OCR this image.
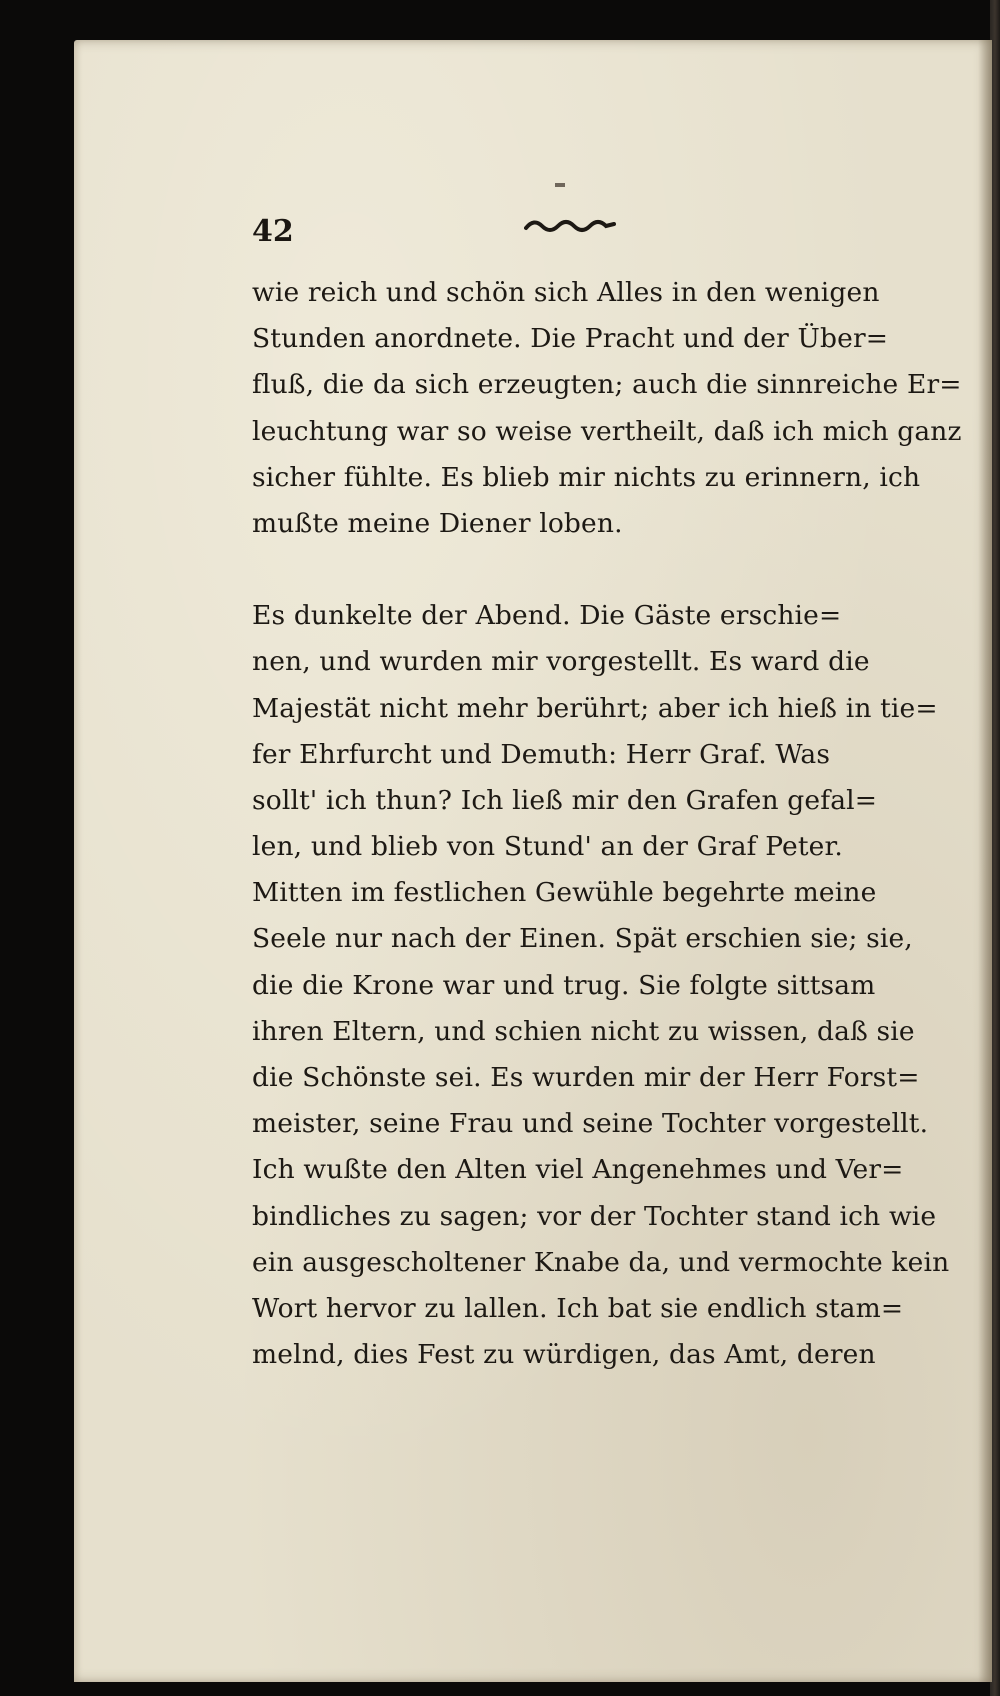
42

wie reich und schön sich Alles in den wenigen
Stunden anordnete. Die Pracht und der Über=
fluß, die da sich erzeugten; auch die sinnreiche Er=
leuchtung war so weise vertheilt, daß ich mich ganz
sicher fühlte. Es blieb mir nichts zu erinnern, ich
mußte meine Diener loben.
Es dunkelte der Abend. Die Gäste erschie=
nen, und wurden mir vorgestellt. Es ward die
Majestät nicht mehr berührt; aber ich hieß in tie=
fer Ehrfurcht und Demuth: Herr Graf. Was
sollt' ich thun? Ich ließ mir den Grafen gefal=
len, und blieb von Stund' an der Graf Peter.
Mitten im festlichen Gewühle begehrte meine
Seele nur nach der Einen. Spät erschien sie; sie,
die die Krone war und trug. Sie folgte sittsam
ihren Eltern, und schien nicht zu wissen, daß sie
die Schönste sei. Es wurden mir der Herr Forst=
meister, seine Frau und seine Tochter vorgestellt.
Ich wußte den Alten viel Angenehmes und Ver=
bindliches zu sagen; vor der Tochter stand ich wie
ein ausgescholtener Knabe da, und vermochte kein
Wort hervor zu lallen. Ich bat sie endlich stam=
melnd, dies Fest zu würdigen, das Amt, deren
